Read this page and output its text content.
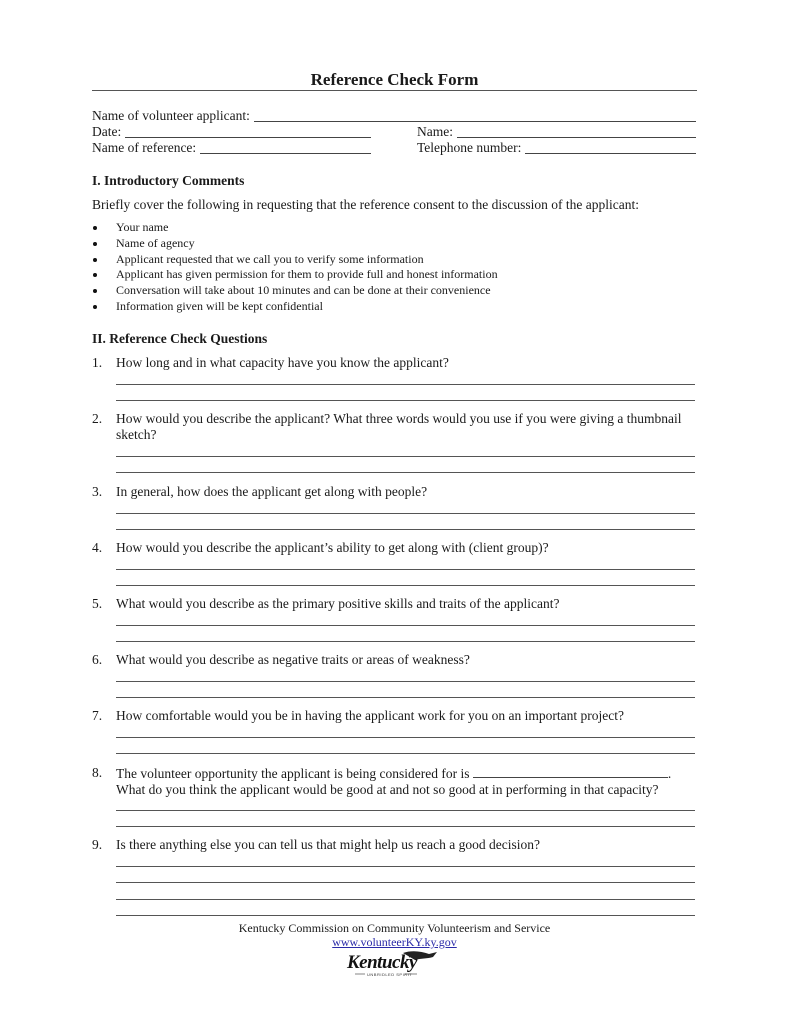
Reference Check Form
Name of volunteer applicant:
Date:	Name:
Name of reference:	Telephone number:
I. Introductory Comments
Briefly cover the following in requesting that the reference consent to the discussion of the applicant:
Your name
Name of agency
Applicant requested that we call you to verify some information
Applicant has given permission for them to provide full and honest information
Conversation will take about 10 minutes and can be done at their convenience
Information given will be kept confidential
II. Reference Check Questions
1. How long and in what capacity have you know the applicant?
2. How would you describe the applicant? What three words would you use if you were giving a thumbnail sketch?
3. In general, how does the applicant get along with people?
4. How would you describe the applicant’s ability to get along with (client group)?
5. What would you describe as the primary positive skills and traits of the applicant?
6. What would you describe as negative traits or areas of weakness?
7. How comfortable would you be in having the applicant work for you on an important project?
8. The volunteer opportunity the applicant is being considered for is	.
What do you think the applicant would be good at and not so good at in performing in that capacity?
9. Is there anything else you can tell us that might help us reach a good decision?
Kentucky Commission on Community Volunteerism and Service
www.volunteerKY.ky.gov
Kentucky
UNBRIDLED SPIRIT
